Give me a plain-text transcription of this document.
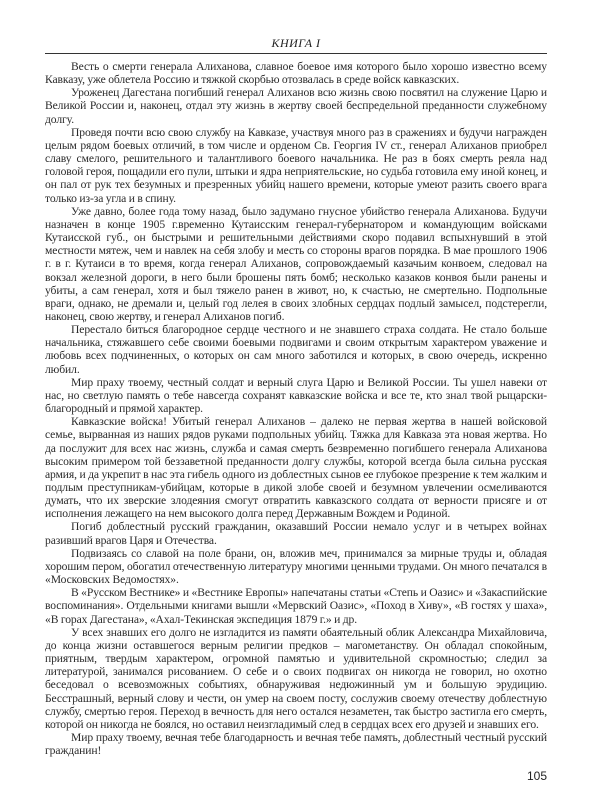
КНИГА I

Весть о смерти генерала Алиханова, славное боевое имя которого было хорошо известно всему Кавказу, уже облетела Россию и тяжкой скорбью отозвалась в среде войск кавказских.

Уроженец Дагестана погибший генерал Алиханов всю жизнь свою посвятил на служение Царю и Великой России и, наконец, отдал эту жизнь в жертву своей беспредельной преданности служебному долгу.

Проведя почти всю свою службу на Кавказе, участвуя много раз в сражениях и будучи награжден целым рядом боевых отличий, в том числе и орденом Св. Георгия IV ст., генерал Алиханов приобрел славу смелого, решительного и талантливого боевого начальника. Не раз в боях смерть реяла над головой героя, пощадили его пули, штыки и ядра неприятельские, но судьба готовила ему иной конец, и он пал от рук тех безумных и презренных убийц нашего времени, которые умеют разить своего врага только из-за угла и в спину.

Уже давно, более года тому назад, было задумано гнусное убийство генерала Алиханова. Будучи назначен в конце 1905 г.временно Кутаисским генерал-губернатором и командующим войсками Кутаисской губ., он быстрыми и решительными действиями скоро подавил вспыхнувший в этой местности мятеж, чем и навлек на себя злобу и месть со стороны врагов порядка. В мае прошлого 1906 г. в г. Кутаиси в то время, когда генерал Алиханов, сопровождаемый казачьим конвоем, следовал на вокзал железной дороги, в него были брошены пять бомб; несколько казаков конвоя были ранены и убиты, а сам генерал, хотя и был тяжело ранен в живот, но, к счастью, не смертельно. Подпольные враги, однако, не дремали и, целый год лелея в своих злобных сердцах подлый замысел, подстерегли, наконец, свою жертву, и генерал Алиханов погиб.

Перестало биться благородное сердце честного и не знавшего страха солдата. Не стало больше начальника, стяжавшего себе своими боевыми подвигами и своим открытым характером уважение и любовь всех подчиненных, о которых он сам много заботился и которых, в свою очередь, искренно любил.

Мир праху твоему, честный солдат и верный слуга Царю и Великой России. Ты ушел навеки от нас, но светлую память о тебе навсегда сохранят кавказские войска и все те, кто знал твой рыцарски-благородный и прямой характер.

Кавказские войска! Убитый генерал Алиханов – далеко не первая жертва в нашей войсковой семье, вырванная из наших рядов руками подпольных убийц. Тяжка для Кавказа эта новая жертва. Но да послужит для всех нас жизнь, служба и самая смерть безвременно погибшего генерала Алиханова высоким примером той беззаветной преданности долгу службы, которой всегда была сильна русская армия, и да укрепит в нас эта гибель одного из доблестных сынов ее глубокое презрение к тем жалким и подлым преступникам-убийцам, которые в дикой злобе своей и безумном увлечении осмеливаются думать, что их зверские злодеяния смогут отвратить кавказского солдата от верности присяге и от исполнения лежащего на нем высокого долга перед Державным Вождем и Родиной.

Погиб доблестный русский гражданин, оказавший России немало услуг и в четырех войнах разивший врагов Царя и Отечества.

Подвизаясь со славой на поле брани, он, вложив меч, принимался за мирные труды и, обладая хорошим пером, обогатил отечественную литературу многими ценными трудами. Он много печатался в «Московских Ведомостях».

В «Русском Вестнике» и «Вестнике Европы» напечатаны статьи «Степь и Оазис» и «Закаспийские воспоминания». Отдельными книгами вышли «Мервский Оазис», «Поход в Хиву», «В гостях у шаха», «В горах Дагестана», «Ахал-Текинская экспедиция 1879 г.» и др.

У всех знавших его долго не изгладится из памяти обаятельный облик Александра Михайловича, до конца жизни оставшегося верным религии предков – магометанству. Он обладал спокойным, приятным, твердым характером, огромной памятью и удивительной скромностью; следил за литературой, занимался рисованием. О себе и о своих подвигах он никогда не говорил, но охотно беседовал о всевозможных событиях, обнаруживая недюжинный ум и большую эрудицию. Бесстрашный, верный слову и чести, он умер на своем посту, сослужив своему отечеству доблестную службу, смертью героя. Переход в вечность для него остался незаметен, так быстро застигла его смерть, которой он никогда не боялся, но оставил неизгладимый след в сердцах всех его друзей и знавших его.

Мир праху твоему, вечная тебе благодарность и вечная тебе память, доблестный честный русский гражданин!

105
